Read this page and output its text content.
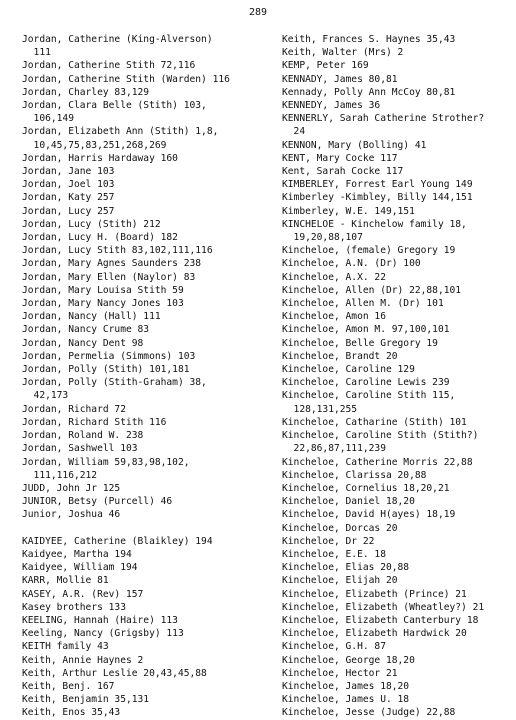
289
Jordan, Catherine (King-Alverson)
111
Jordan, Catherine Stith 72,116
Jordan, Catherine Stith (Warden) 116
Jordan, Charley 83,129
Jordan, Clara Belle (Stith) 103,
106,149
Jordan, Elizabeth Ann (Stith) 1,8,
10,45,75,83,251,268,269
Jordan, Harris Hardaway 160
Jordan, Jane 103
Jordan, Joel 103
Jordan, Katy 257
Jordan, Lucy 257
Jordan, Lucy (Stith) 212
Jordan, Lucy H. (Board) 182
Jordan, Lucy Stith 83,102,111,116
Jordan, Mary Agnes Saunders 238
Jordan, Mary Ellen (Naylor) 83
Jordan, Mary Louisa Stith 59
Jordan, Mary Nancy Jones 103
Jordan, Nancy (Hall) 111
Jordan, Nancy Crume 83
Jordan, Nancy Dent 98
Jordan, Permelia (Simmons) 103
Jordan, Polly (Stith) 101,181
Jordan, Polly (Stith-Graham) 38,
42,173
Jordan, Richard 72
Jordan, Richard Stith 116
Jordan, Roland W. 238
Jordan, Sashwell 103
Jordan, William 59,83,98,102,
111,116,212
JUDD, John Jr 125
JUNIOR, Betsy (Purcell) 46
Junior, Joshua 46
KAIDYEE, Catherine (Blaikley) 194
Kaidyee, Martha 194
Kaidyee, William 194
KARR, Mollie 81
KASEY, A.R. (Rev) 157
Kasey brothers 133
KEELING, Hannah (Haire) 113
Keeling, Nancy (Grigsby) 113
KEITH family 43
Keith, Annie Haynes 2
Keith, Arthur Leslie 20,43,45,88
Keith, Benj. 167
Keith, Benjamin 35,131
Keith, Enos 35,43
Keith, Frances S. Haynes 35,43
Keith, Walter (Mrs) 2
KEMP, Peter 169
KENNADY, James 80,81
Kennady, Polly Ann McCoy 80,81
KENNEDY, James 36
KENNERLY, Sarah Catherine Strother?
24
KENNON, Mary (Bolling) 41
KENT, Mary Cocke 117
Kent, Sarah Cocke 117
KIMBERLEY, Forrest Earl Young 149
Kimberley -Kimbley, Billy 144,151
Kimberley, W.E. 149,151
KINCHELOE - Kinchelow family 18,
19,20,88,107
Kincheloe, (female) Gregory 19
Kincheloe, A.N. (Dr) 100
Kincheloe, A.X. 22
Kincheloe, Allen (Dr) 22,88,101
Kincheloe, Allen M. (Dr) 101
Kincheloe, Amon 16
Kincheloe, Amon M. 97,100,101
Kincheloe, Belle Gregory 19
Kincheloe, Brandt 20
Kincheloe, Caroline 129
Kincheloe, Caroline Lewis 239
Kincheloe, Caroline Stith 115,
128,131,255
Kincheloe, Catharine (Stith) 101
Kincheloe, Caroline Stith (Stith?)
22,86,87,111,239
Kincheloe, Catherine Morris 22,88
Kincheloe, Clarissa 20,88
Kincheloe, Cornelius 18,20,21
Kincheloe, Daniel 18,20
Kincheloe, David H(ayes) 18,19
Kincheloe, Dorcas 20
Kincheloe, Dr 22
Kincheloe, E.E. 18
Kincheloe, Elias 20,88
Kincheloe, Elijah 20
Kincheloe, Elizabeth (Prince) 21
Kincheloe, Elizabeth (Wheatley?) 21
Kincheloe, Elizabeth Canterbury 18
Kincheloe, Elizabeth Hardwick 20
Kincheloe, G.H. 87
Kincheloe, George 18,20
Kincheloe, Hector 21
Kincheloe, James 18,20
Kincheloe, James U. 18
Kincheloe, Jesse (Judge) 22,88
